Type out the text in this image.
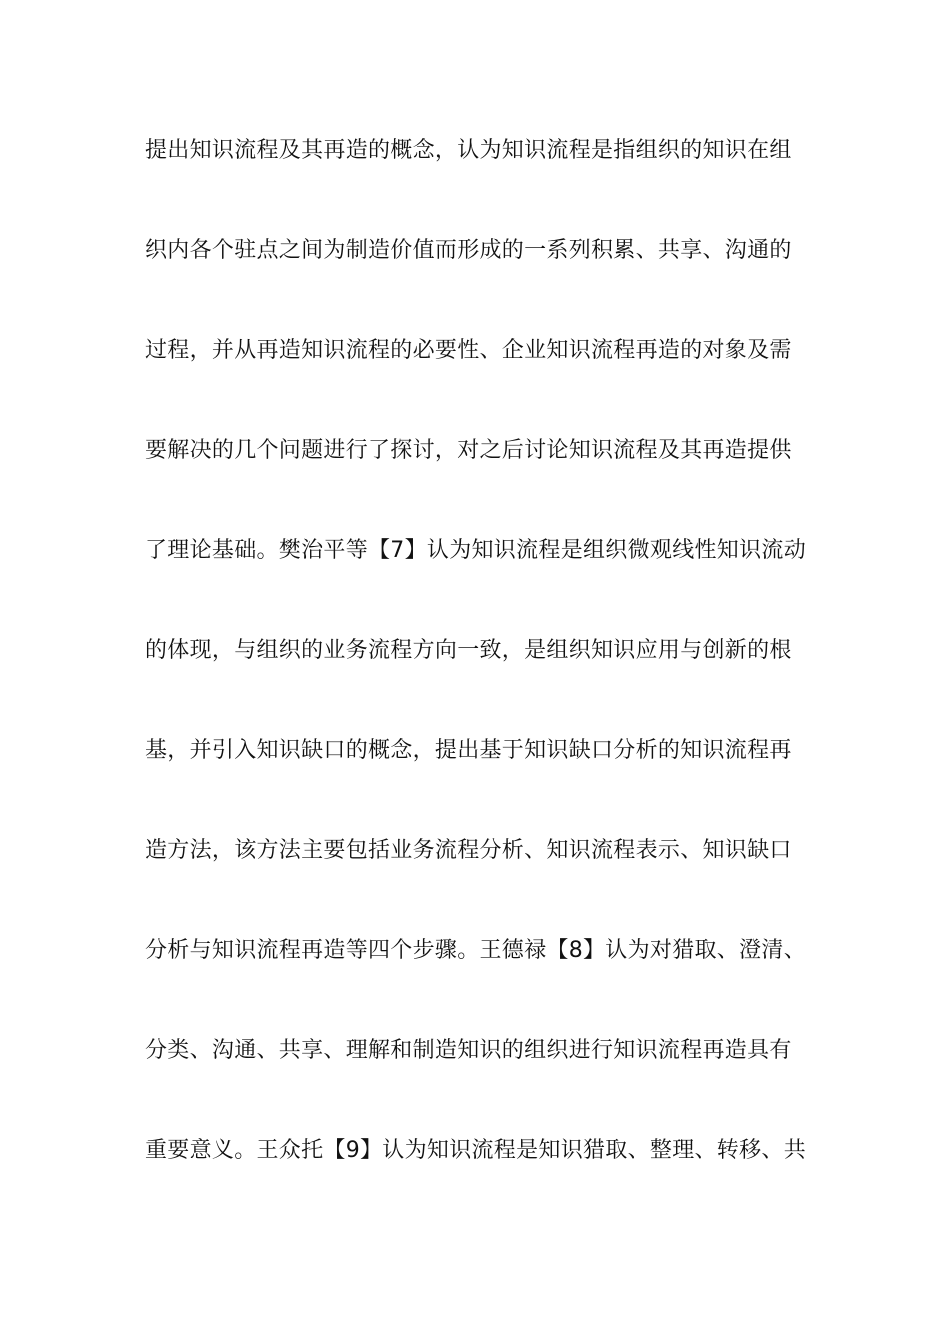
提出知识流程及其再造的概念，认为知识流程是指组织的知识在组
织内各个驻点之间为制造价值而形成的一系列积累、共享、沟通的
过程，并从再造知识流程的必要性、企业知识流程再造的对象及需
要解决的几个问题进行了探讨，对之后讨论知识流程及其再造提供
了理论基础。樊治平等【7】认为知识流程是组织微观线性知识流动
的体现，与组织的业务流程方向一致，是组织知识应用与创新的根
基，并引入知识缺口的概念，提出基于知识缺口分析的知识流程再
造方法，该方法主要包括业务流程分析、知识流程表示、知识缺口
分析与知识流程再造等四个步骤。王德禄【8】认为对猎取、澄清、
分类、沟通、共享、理解和制造知识的组织进行知识流程再造具有
重要意义。王众托【9】认为知识流程是知识猎取、整理、转移、共
